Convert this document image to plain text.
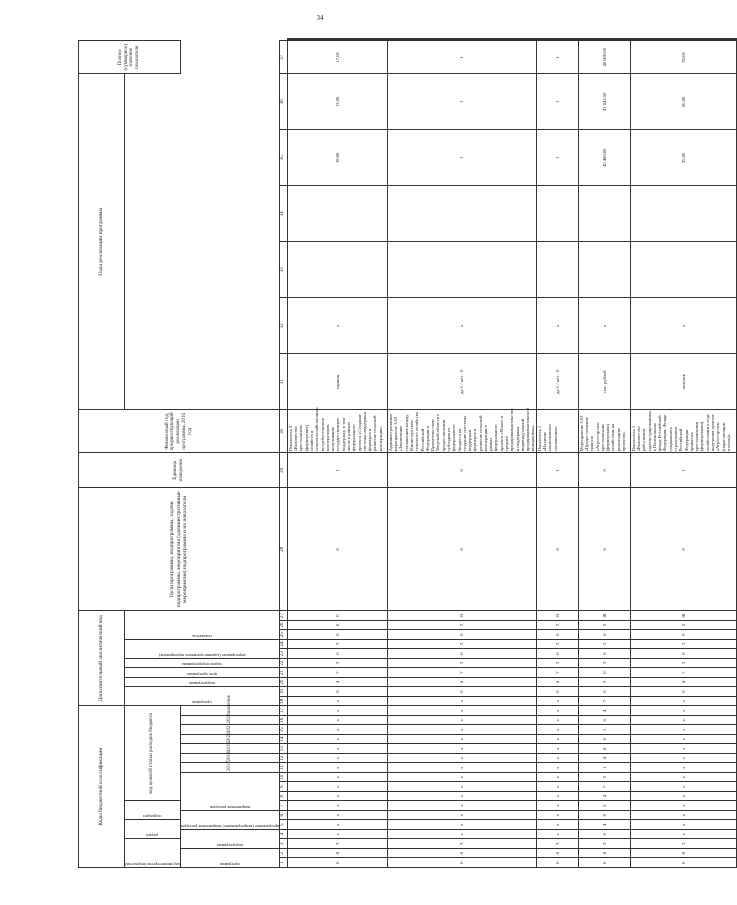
34
Коды бюджетной классификации																	Дополнительный аналитический код										Цели программы, подпрограммы, задачи подпрограммы, мероприятия (административные мероприятия) подпрограммы и их показатели	Единица измерения	Финансовый год, предшествующий реализации программы, 2016 год	Годы реализации программы						Полное (суммарное) значение показателя	

код министерства (ведомства)			раздел		подраздел		код целевой статьи расходов бюджета										программа		подпрограмма	цель программы	задача подпрограммы	мероприятие (административное мероприятие)		показатель													

программа		подпрограмма		программное (непрограммное) направление расходов		направление расходов				2017	2018	2019	2020	2021	2022	значение																					
1	2	3	4	5	6	7	8	9	10	11	12	13	14	15	16	17	18	19	20	21	22	23	24	25	26	27	28	29	30	31	32	33	34	35	36	37	
0	8	3	х	х	х	х	х	х	х	х	х	х	х	х	х	х	х	0	4	7	3	0	3	0	0	0	0	1	Показатель 3 «Количество крестьянских (фермерских) хозяйств и сельскохозяйственных потребительских кооперативов, получивших государственную поддержку, в том числе в рамках федерального проекта «Создание системы поддержки фермеров и развитие сельской кооперации»	единиц	х			19,00	13,00	17,00		
0	8	3	х	х	х	х	х	х	х	х	х	х	х	х	х	х	х	0	4	7	3	0	3	0	2	Я	0	0	Административное мероприятие 3.02 «Заключение соглашения между Министерством сельского хозяйства Российской Федерации и Правительством Тверской области о предоставлении субсидии из федерального бюджета на создание системы поддержки фермеров и развитие сельской кооперации в рамках федерального проекта «Малое и среднее предпринимательство и поддержка индивидуальной предпринимательской инициативы»	да-1 / нет - 0	х			1	1	1		
0	8	3	х	х	х	х	х	х	х	х	х	х	х	х	х	х	х	0	4	7	3	0	3	0	2	Я	0	1	Показатель 1 «Наличие заключенного соглашения»	да-1 / нет - 0	х			1	1	1		
0	8	3	0	4	0	5	4	7	3	1	4	8	0	1	0	4	7	0	3	0	3	0	3	0	3	Ж	0	0	Мероприятие 3.03 «Предоставление грантов «Агростартап» крестьянским (фермерским) хозяйствам на реализацию проектов»	тыс. рублей	х			45 460,00	41 842,50	48 000,00		
0	8	3	х	х	х	х	х	х	х	х	х	х	х	х	х	х	х	0	4	7	3	0	3	0	3	Ж	0	1	Показатель 1 «Количество работников, зарегистрированных в Пенсионном фонде Российской Федерации, Фонде социального страхования Российской Федерации принятых крестьянскими (фермерскими) хозяйствами в году получения грантов «Агростартап» (нарастающим итогом)»	человек	х			35,00	60,00	92,00		
